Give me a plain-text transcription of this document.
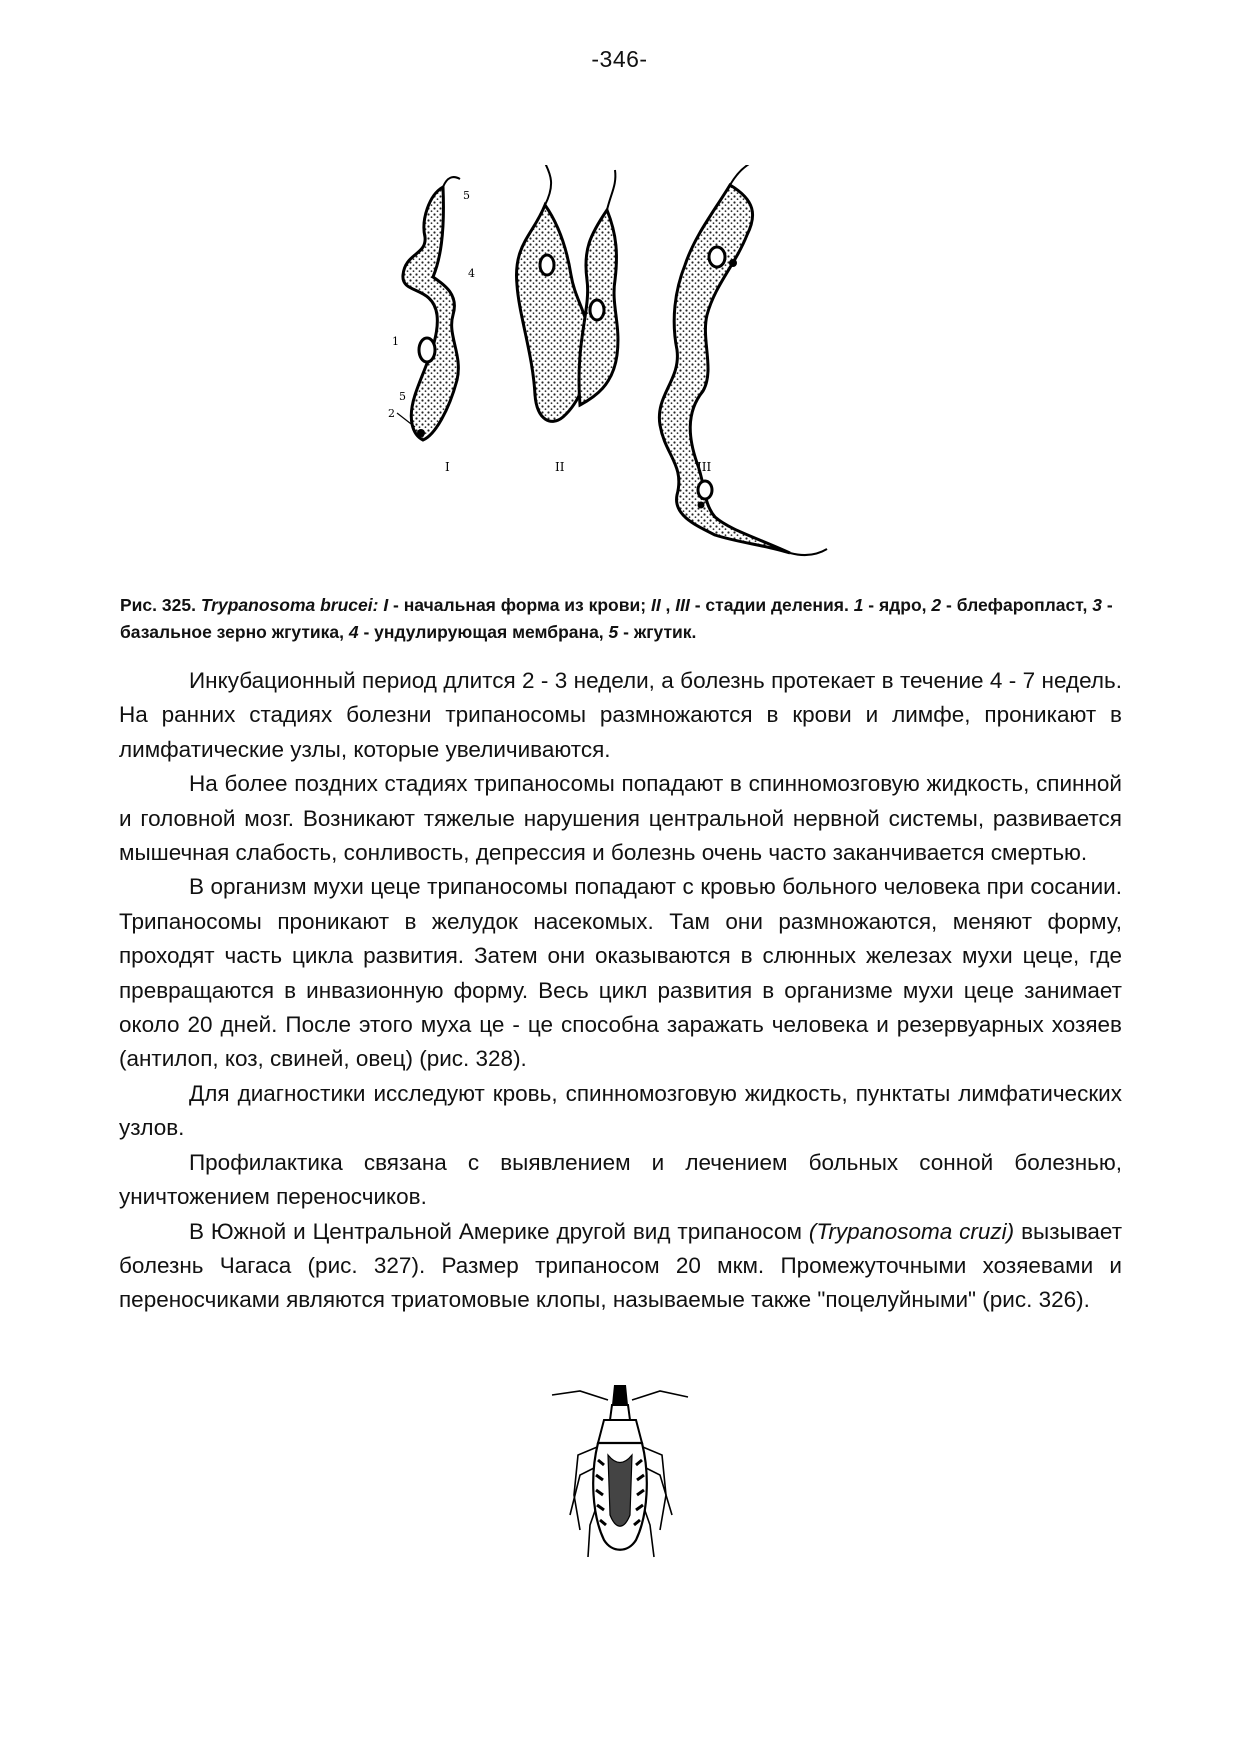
-346-
5
4
1
5
2
I	II	III
Рис. 325. Trypanosoma brucei: I - начальная форма из крови; II , III - стадии деления. 1 - ядро, 2 - блефаропласт, 3 - базальное зерно жгутика, 4 - ундулирующая мембрана, 5 - жгутик.

Инкубационный период длится 2 - 3 недели, а болезнь протекает в течение 4 - 7 недель. На ранних стадиях болезни трипаносомы размножаются в крови и лимфе, проникают в лимфатические узлы, которые увеличиваются.

На более поздних стадиях трипаносомы попадают в спинномозговую жидкость, спинной и головной мозг. Возникают тяжелые нарушения центральной нервной системы, развивается мышечная слабость, сонливость, депрессия и болезнь очень часто заканчивается смертью.

В организм мухи цеце трипаносомы попадают с кровью больного человека при сосании. Трипаносомы проникают в желудок насекомых. Там они размножаются, меняют форму, проходят часть цикла развития. Затем они оказываются в слюнных железах мухи цеце, где превращаются в инвазионную форму. Весь цикл развития в организме мухи цеце занимает около 20 дней. После этого муха це - це способна заражать человека и резервуарных хозяев (антилоп, коз, свиней, овец) (рис. 328).

Для диагностики исследуют кровь, спинномозговую жидкость, пунктаты лимфатических узлов.

Профилактика связана с выявлением и лечением больных сонной болезнью, уничтожением переносчиков.

В Южной и Центральной Америке другой вид трипаносом (Trypanosoma cruzi) вызывает болезнь Чагаса (рис. 327). Размер трипаносом 20 мкм. Промежуточными хозяевами и переносчиками являются триатомовые клопы, называемые также "поцелуйными" (рис. 326).
